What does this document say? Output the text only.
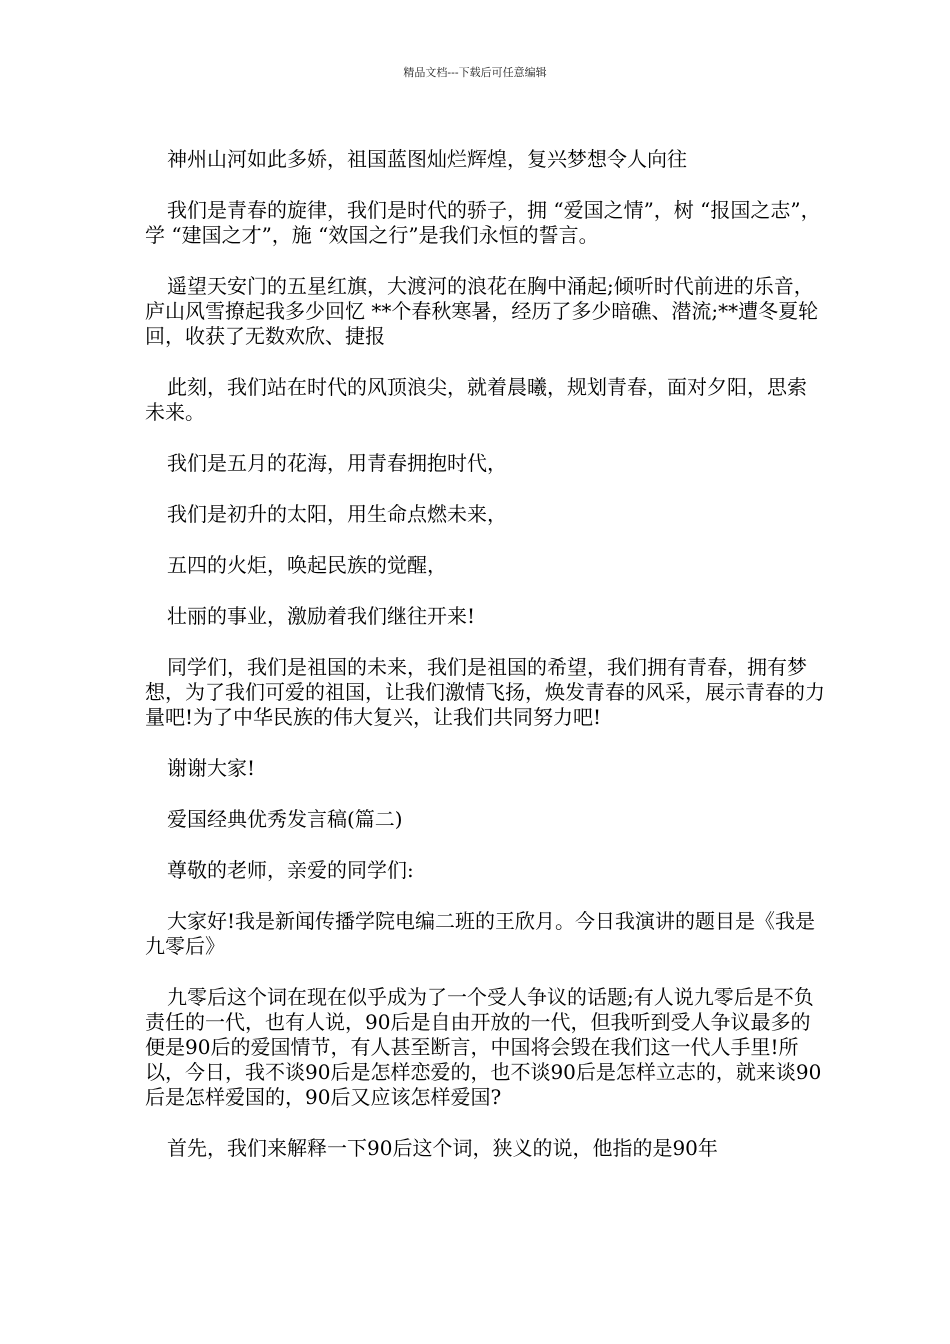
精品文档---下载后可任意编辑

神州山河如此多娇，祖国蓝图灿烂辉煌，复兴梦想令人向往

我们是青春的旋律，我们是时代的骄子，拥 “爱国之情”，树 “报国之志”，学 “建国之才”，施 “效国之行”是我们永恒的誓言。

遥望天安门的五星红旗，大渡河的浪花在胸中涌起;倾听时代前进的乐音，庐山风雪撩起我多少回忆 **个春秋寒暑，经历了多少暗礁、潜流;**遭冬夏轮回，收获了无数欢欣、捷报

此刻，我们站在时代的风顶浪尖，就着晨曦，规划青春，面对夕阳，思索未来。

我们是五月的花海，用青春拥抱时代，

我们是初升的太阳，用生命点燃未来，

五四的火炬，唤起民族的觉醒，

壮丽的事业，激励着我们继往开来!

同学们，我们是祖国的未来，我们是祖国的希望，我们拥有青春，拥有梦想，为了我们可爱的祖国，让我们激情飞扬，焕发青春的风采，展示青春的力量吧!为了中华民族的伟大复兴，让我们共同努力吧!

谢谢大家!

爱国经典优秀发言稿(篇二)

尊敬的老师，亲爱的同学们:

大家好!我是新闻传播学院电编二班的王欣月。今日我演讲的题目是《我是九零后》

九零后这个词在现在似乎成为了一个受人争议的话题;有人说九零后是不负责任的一代，也有人说，90后是自由开放的一代，但我听到受人争议最多的便是90后的爱国情节，有人甚至断言，中国将会毁在我们这一代人手里!所以，今日，我不谈90后是怎样恋爱的，也不谈90后是怎样立志的，就来谈90后是怎样爱国的，90后又应该怎样爱国?

首先，我们来解释一下90后这个词，狭义的说，他指的是90年
